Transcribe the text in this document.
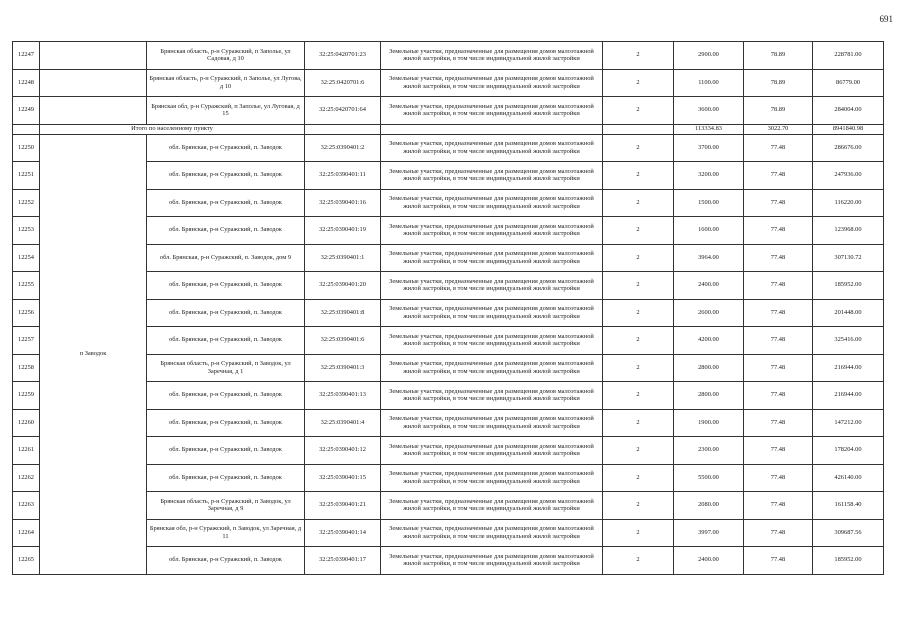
691
12247		Брянская область, р-н Суражский, п Заполье, ул Садовая, д 10	32:25:0420701:23	Земельные участки, предназначенные для размещения домов малоэтажной жилой застройки, в том числе индивидуальной жилой застройки	2	2900.00	78.89	228781.00
12248		Брянская область, р-н Суражский, п Заполье, ул Лугова, д 10	32:25:0420701:6	Земельные участки, предназначенные для размещения домов малоэтажной жилой застройки, в том числе индивидуальной жилой застройки	2	1100.00	78.89	86779.00
12249		Брянская обл, р-н Суражский, п Заполье, ул Луговая, д 15	32:25:0420701:64	Земельные участки, предназначенные для размещения домов малоэтажной жилой застройки, в том числе индивидуальной жилой застройки	2	3600.00	78.89	284004.00
	Итого по населенному пункту					113334.83	3022.70	8941840.98
12250	п Заводок	обл. Брянская, р-н Суражский, п. Заводок	32:25:0390401:2	Земельные участки, предназначенные для размещения домов малоэтажной жилой застройки, в том числе индивидуальной жилой застройки	2	3700.00	77.48	286676.00
12251		обл. Брянская, р-н Суражский, п. Заводок	32:25:0390401:11	Земельные участки, предназначенные для размещения домов малоэтажной жилой застройки, в том числе индивидуальной жилой застройки	2	3200.00	77.48	247936.00
12252		обл. Брянская, р-н Суражский, п. Заводок	32:25:0390401:16	Земельные участки, предназначенные для размещения домов малоэтажной жилой застройки, в том числе индивидуальной жилой застройки	2	1500.00	77.48	116220.00
12253		обл. Брянская, р-н Суражский, п. Заводок	32:25:0390401:19	Земельные участки, предназначенные для размещения домов малоэтажной жилой застройки, в том числе индивидуальной жилой застройки	2	1600.00	77.48	123968.00
12254		обл. Брянская, р-н Суражский, п. Заводок, дом 9	32:25:0390401:1	Земельные участки, предназначенные для размещения домов малоэтажной жилой застройки, в том числе индивидуальной жилой застройки	2	3964.00	77.48	307130.72
12255		обл. Брянская, р-н Суражский, п. Заводок	32:25:0390401:20	Земельные участки, предназначенные для размещения домов малоэтажной жилой застройки, в том числе индивидуальной жилой застройки	2	2400.00	77.48	185952.00
12256		обл. Брянская, р-н Суражский, п. Заводок	32:25:0390401:8	Земельные участки, предназначенные для размещения домов малоэтажной жилой застройки, в том числе индивидуальной жилой застройки	2	2600.00	77.48	201448.00
12257		обл. Брянская, р-н Суражский, п. Заводок	32:25:0390401:6	Земельные участки, предназначенные для размещения домов малоэтажной жилой застройки, в том числе индивидуальной жилой застройки	2	4200.00	77.48	325416.00
12258		Брянская область, р-н Суражский, п Заводок, ул Заречная, д 1	32:25:0390401:3	Земельные участки, предназначенные для размещения домов малоэтажной жилой застройки, в том числе индивидуальной жилой застройки	2	2800.00	77.48	216944.00
12259		обл. Брянская, р-н Суражский, п. Заводок	32:25:0390401:13	Земельные участки, предназначенные для размещения домов малоэтажной жилой застройки, в том числе индивидуальной жилой застройки	2	2800.00	77.48	216944.00
12260		обл. Брянская, р-н Суражский, п. Заводок	32:25:0390401:4	Земельные участки, предназначенные для размещения домов малоэтажной жилой застройки, в том числе индивидуальной жилой застройки	2	1900.00	77.48	147212.00
12261		обл. Брянская, р-н Суражский, п. Заводок	32:25:0390401:12	Земельные участки, предназначенные для размещения домов малоэтажной жилой застройки, в том числе индивидуальной жилой застройки	2	2300.00	77.48	178204.00
12262		обл. Брянская, р-н Суражский, п. Заводок	32:25:0390401:15	Земельные участки, предназначенные для размещения домов малоэтажной жилой застройки, в том числе индивидуальной жилой застройки	2	5500.00	77.48	426140.00
12263		Брянская область, р-н Суражский, п Заводок, ул Заречная, д 9	32:25:0390401:21	Земельные участки, предназначенные для размещения домов малоэтажной жилой застройки, в том числе индивидуальной жилой застройки	2	2080.00	77.48	161158.40
12264		Брянская обл, р-н Суражский, п Заводок, ул Заречная, д 11	32:25:0390401:14	Земельные участки, предназначенные для размещения домов малоэтажной жилой застройки, в том числе индивидуальной жилой застройки	2	3997.00	77.48	309687.56
12265		обл. Брянская, р-н Суражский, п. Заводок	32:25:0390401:17	Земельные участки, предназначенные для размещения домов малоэтажной жилой застройки, в том числе индивидуальной жилой застройки	2	2400.00	77.48	185952.00
